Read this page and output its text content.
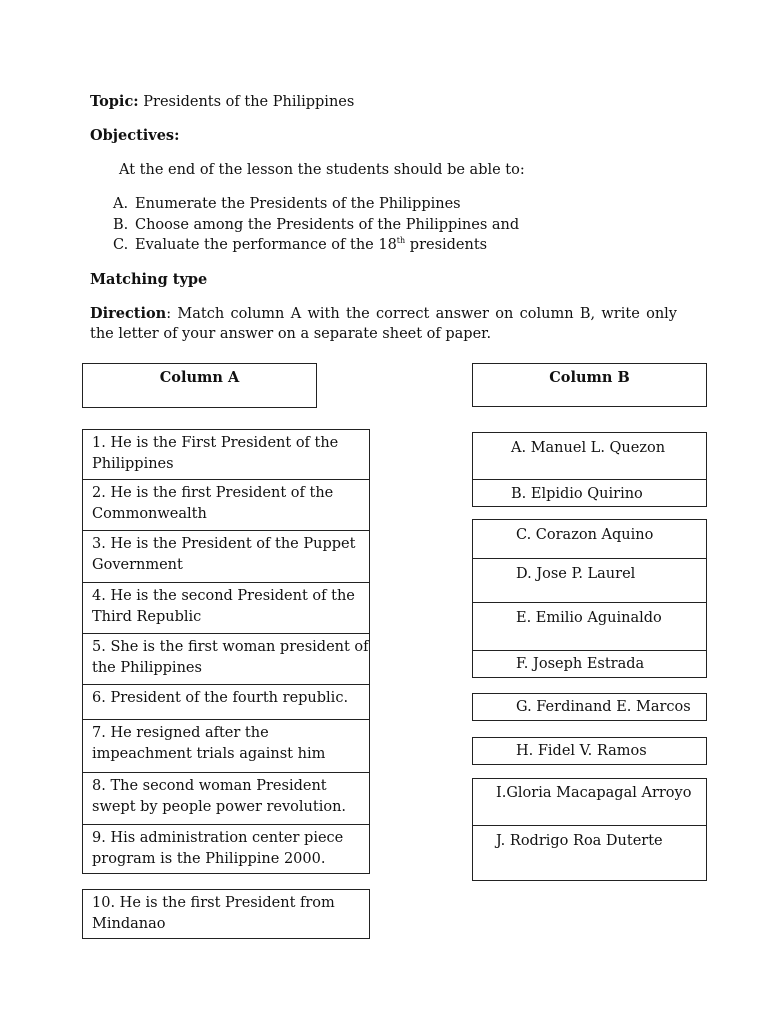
Topic: Presidents of the Philippines
Objectives:
At the end of the lesson the students should be able to:
A. Enumerate the Presidents of the Philippines
B. Choose among the Presidents of the Philippines and
C. Evaluate the performance of the 18th presidents
Matching type
Direction: Match column A with the correct answer on column B, write only the letter of your answer on a separate sheet of paper.
Column A	Column B
1. He is the First President of the Philippines
2. He is the first President of the Commonwealth
3. He is the President of the Puppet Government
4. He is the second President of the Third Republic
5. She is the first woman president of the Philippines
6. President of the fourth republic.
7. He resigned after the impeachment trials against him
8. The second woman President swept by people power revolution.
9. His administration center piece program is the Philippine 2000.
10. He is the first President from Mindanao
A. Manuel L. Quezon
B. Elpidio Quirino
C. Corazon Aquino
D. Jose P. Laurel
E. Emilio Aguinaldo
F. Joseph Estrada
G. Ferdinand E. Marcos
H. Fidel V. Ramos
I.Gloria Macapagal Arroyo
J. Rodrigo Roa Duterte
